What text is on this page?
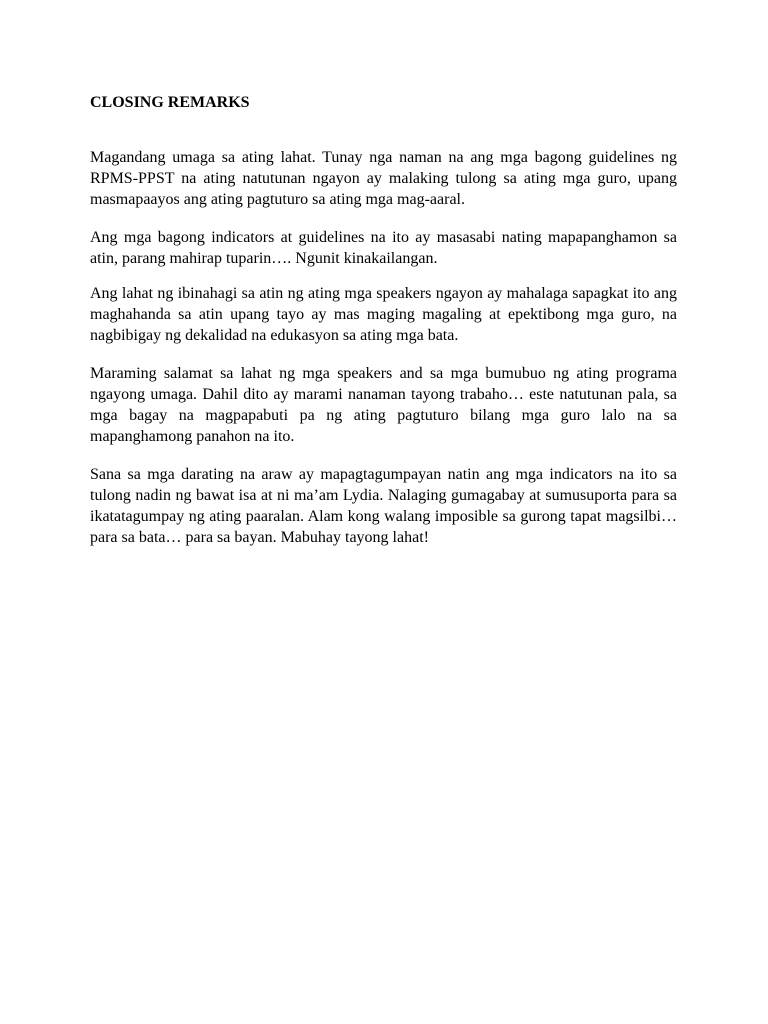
CLOSING REMARKS

Magandang umaga sa ating lahat. Tunay nga naman na ang mga bagong guidelines ng RPMS-PPST na ating natutunan ngayon ay malaking tulong sa ating mga guro, upang masmapaayos ang ating pagtuturo sa ating mga mag-aaral.

Ang mga bagong indicators at guidelines na ito ay masasabi nating mapapanghamon sa atin, parang mahirap tuparin…. Ngunit kinakailangan.

Ang lahat ng ibinahagi sa atin ng ating mga speakers ngayon ay mahalaga sapagkat ito ang maghahanda sa atin upang tayo ay mas maging magaling at epektibong mga guro, na nagbibigay ng dekalidad na edukasyon sa ating mga bata.

Maraming salamat sa lahat ng mga speakers and sa mga bumubuo ng ating programa ngayong umaga. Dahil dito ay marami nanaman tayong trabaho… este natutunan pala, sa mga bagay na magpapabuti pa ng ating pagtuturo bilang mga guro lalo na sa mapanghamong panahon na ito.

Sana sa mga darating na araw ay mapagtagumpayan natin ang mga indicators na ito sa tulong nadin ng bawat isa at ni ma’am Lydia. Nalaging gumagabay at sumusuporta para sa ikatatagumpay ng ating paaralan. Alam kong walang imposible sa gurong tapat magsilbi… para sa bata… para sa bayan. Mabuhay tayong lahat!
